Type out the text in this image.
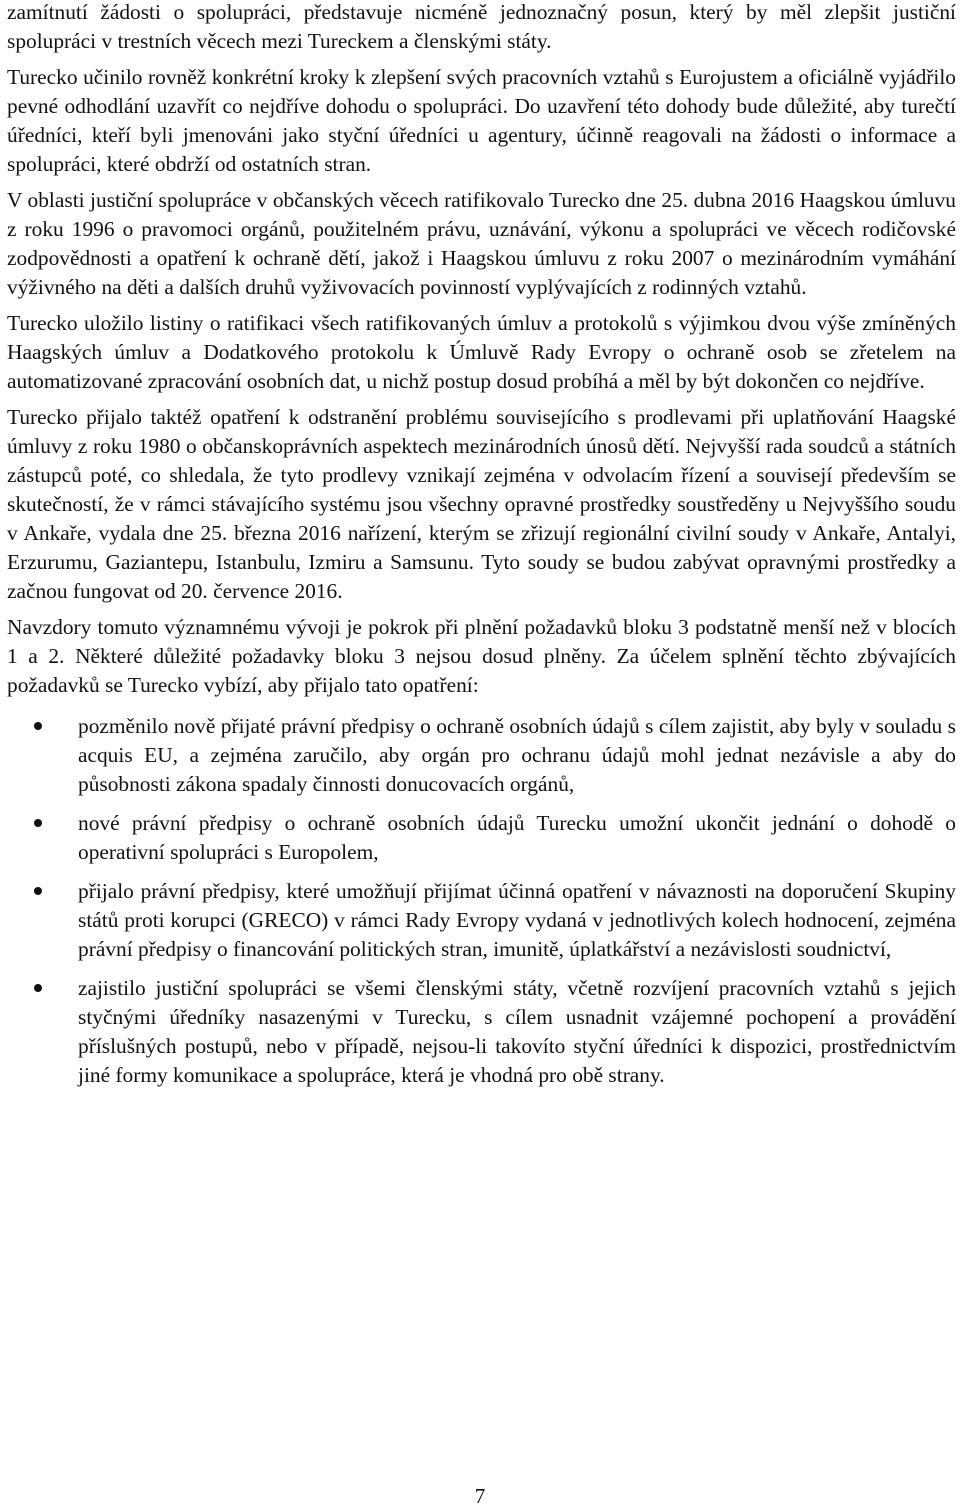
zamítnutí žádosti o spolupráci, představuje nicméně jednoznačný posun, který by měl zlepšit justiční spolupráci v trestních věcech mezi Tureckem a členskými státy.

Turecko učinilo rovněž konkrétní kroky k zlepšení svých pracovních vztahů s Eurojustem a oficiálně vyjádřilo pevné odhodlání uzavřít co nejdříve dohodu o spolupráci. Do uzavření této dohody bude důležité, aby turečtí úředníci, kteří byli jmenováni jako styční úředníci u agentury, účinně reagovali na žádosti o informace a spolupráci, které obdrží od ostatních stran.

V oblasti justiční spolupráce v občanských věcech ratifikovalo Turecko dne 25. dubna 2016 Haagskou úmluvu z roku 1996 o pravomoci orgánů, použitelném právu, uznávání, výkonu a spolupráci ve věcech rodičovské zodpovědnosti a opatření k ochraně dětí, jakož i Haagskou úmluvu z roku 2007 o mezinárodním vymáhání výživného na děti a dalších druhů vyživovacích povinností vyplývajících z rodinných vztahů.

Turecko uložilo listiny o ratifikaci všech ratifikovaných úmluv a protokolů s výjimkou dvou výše zmíněných Haagských úmluv a Dodatkového protokolu k Úmluvě Rady Evropy o ochraně osob se zřetelem na automatizované zpracování osobních dat, u nichž postup dosud probíhá a měl by být dokončen co nejdříve.

Turecko přijalo taktéž opatření k odstranění problému souvisejícího s prodlevami při uplatňování Haagské úmluvy z roku 1980 o občanskoprávních aspektech mezinárodních únosů dětí. Nejvyšší rada soudců a státních zástupců poté, co shledala, že tyto prodlevy vznikají zejména v odvolacím řízení a souvisejí především se skutečností, že v rámci stávajícího systému jsou všechny opravné prostředky soustředěny u Nejvyššího soudu v Ankaře, vydala dne 25. března 2016 nařízení, kterým se zřizují regionální civilní soudy v Ankaře, Antalyi, Erzurumu, Gaziantepu, Istanbulu, Izmiru a Samsunu. Tyto soudy se budou zabývat opravnými prostředky a začnou fungovat od 20. července 2016.

Navzdory tomuto významnému vývoji je pokrok při plnění požadavků bloku 3 podstatně menší než v blocích 1 a 2. Některé důležité požadavky bloku 3 nejsou dosud plněny. Za účelem splnění těchto zbývajících požadavků se Turecko vybízí, aby přijalo tato opatření:

pozměnilo nově přijaté právní předpisy o ochraně osobních údajů s cílem zajistit, aby byly v souladu s acquis EU, a zejména zaručilo, aby orgán pro ochranu údajů mohl jednat nezávisle a aby do působnosti zákona spadaly činnosti donucovacích orgánů,

nové právní předpisy o ochraně osobních údajů Turecku umožní ukončit jednání o dohodě o operativní spolupráci s Europolem,

přijalo právní předpisy, které umožňují přijímat účinná opatření v návaznosti na doporučení Skupiny států proti korupci (GRECO) v rámci Rady Evropy vydaná v jednotlivých kolech hodnocení, zejména právní předpisy o financování politických stran, imunitě, úplatkářství a nezávislosti soudnictví,

zajistilo justiční spolupráci se všemi členskými státy, včetně rozvíjení pracovních vztahů s jejich styčnými úředníky nasazenými v Turecku, s cílem usnadnit vzájemné pochopení a provádění příslušných postupů, nebo v případě, nejsou-li takovíto styční úředníci k dispozici, prostřednictvím jiné formy komunikace a spolupráce, která je vhodná pro obě strany.

7
